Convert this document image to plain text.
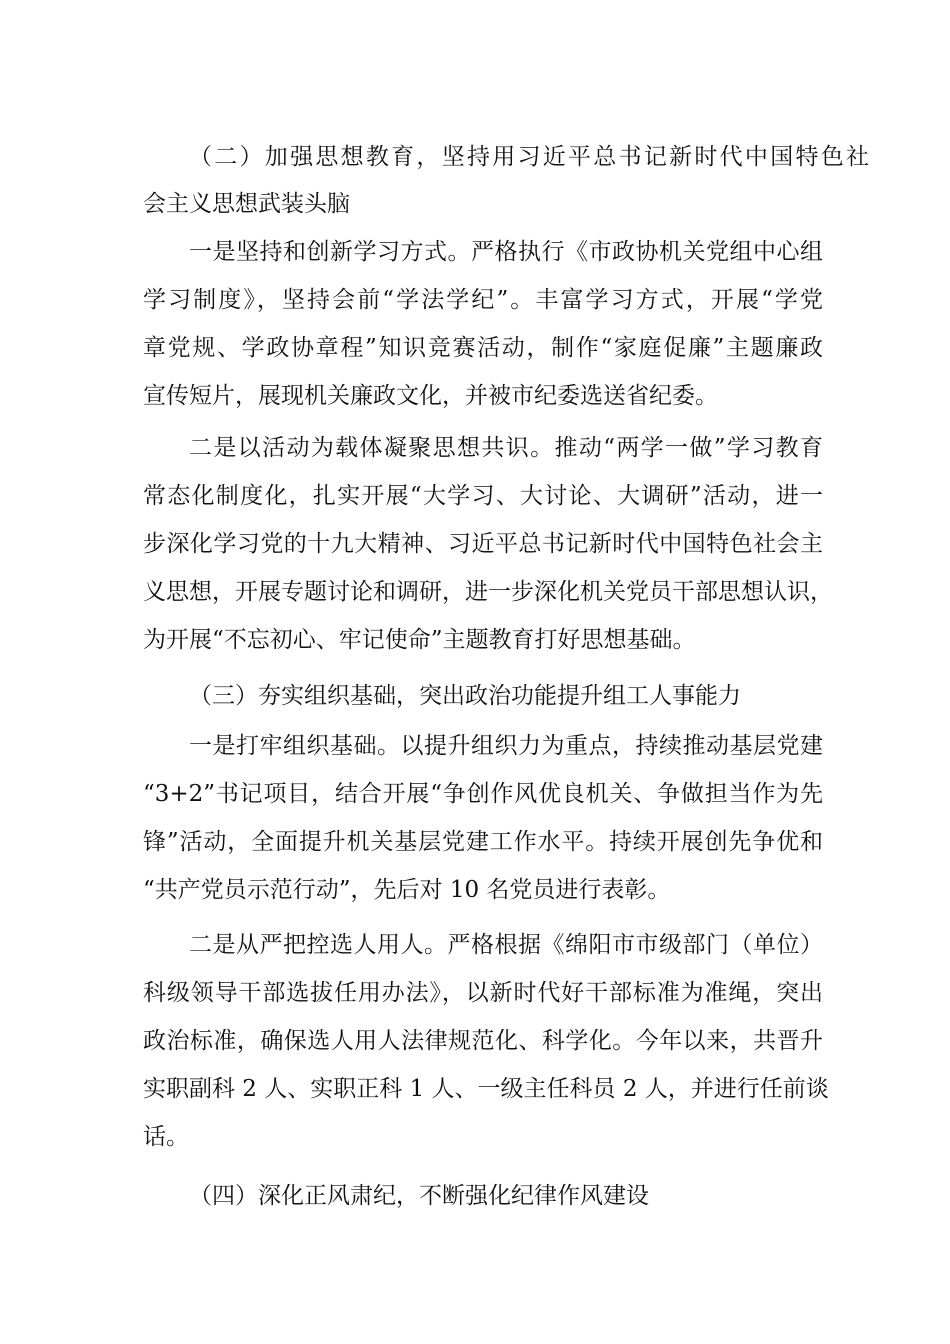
（二）加强思想教育，坚持用习近平总书记新时代中国特色社

会主义思想武装头脑

一是坚持和创新学习方式。严格执行《市政协机关党组中心组

学习制度》，坚持会前“学法学纪”。丰富学习方式，开展“学党

章党规、学政协章程”知识竞赛活动，制作“家庭促廉”主题廉政

宣传短片，展现机关廉政文化，并被市纪委选送省纪委。

二是以活动为载体凝聚思想共识。推动“两学一做”学习教育

常态化制度化，扎实开展“大学习、大讨论、大调研”活动，进一

步深化学习党的十九大精神、习近平总书记新时代中国特色社会主

义思想，开展专题讨论和调研，进一步深化机关党员干部思想认识，

为开展“不忘初心、牢记使命”主题教育打好思想基础。

（三）夯实组织基础，突出政治功能提升组工人事能力

一是打牢组织基础。以提升组织力为重点，持续推动基层党建

“3+2”书记项目，结合开展“争创作风优良机关、争做担当作为先

锋”活动，全面提升机关基层党建工作水平。持续开展创先争优和

“共产党员示范行动”，先后对 10 名党员进行表彰。

二是从严把控选人用人。严格根据《绵阳市市级部门（单位）

科级领导干部选拔任用办法》，以新时代好干部标准为准绳，突出

政治标准，确保选人用人法律规范化、科学化。今年以来，共晋升

实职副科 2 人、实职正科 1 人、一级主任科员 2 人，并进行任前谈

话。

（四）深化正风肃纪，不断强化纪律作风建设
